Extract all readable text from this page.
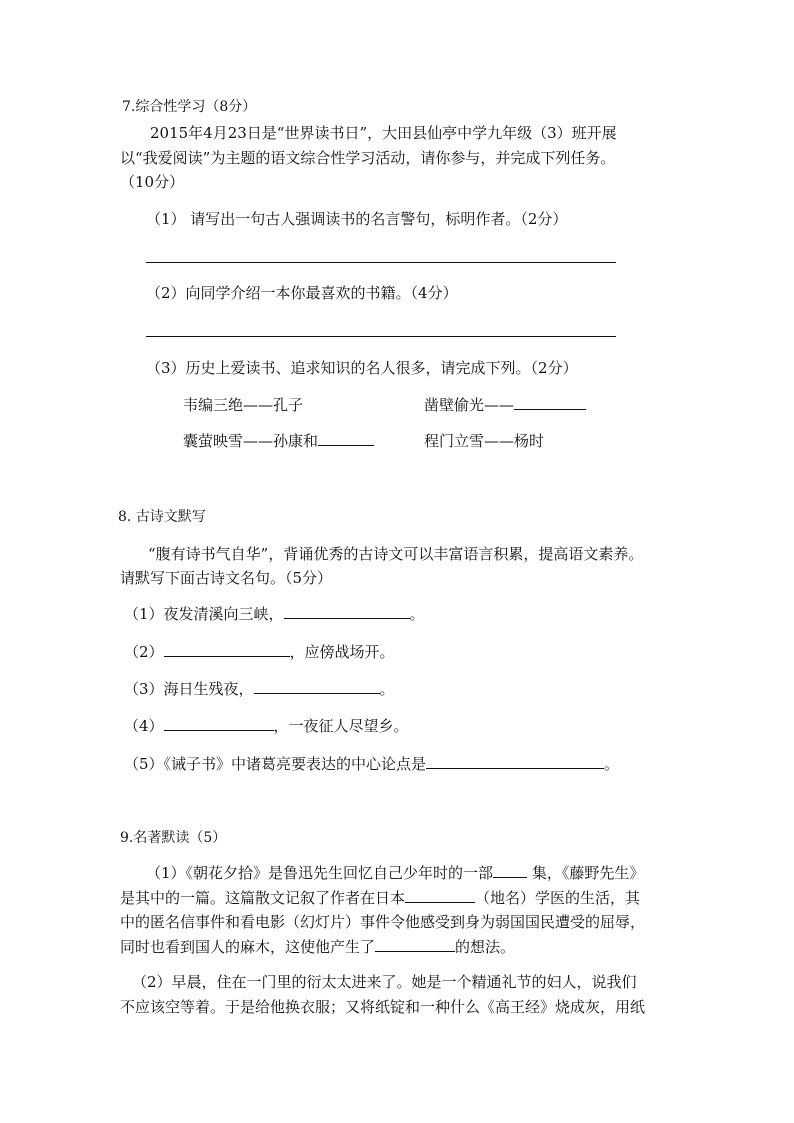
7.综合性学习（8分）
2015年4月23日是“世界读书日”，大田县仙亭中学九年级（3）班开展
以“我爱阅读”为主题的语文综合性学习活动，请你参与，并完成下列任务。
（10分）
（1） 请写出一句古人强调读书的名言警句，标明作者。（2分）
（2）向同学介绍一本你最喜欢的书籍。（4分）
（3）历史上爱读书、追求知识的名人很多，请完成下列。（2分）
韦编三绝——孔子	凿壁偷光——
囊萤映雪——孙康和	程门立雪——杨时
8. 古诗文默写
“腹有诗书气自华”，背诵优秀的古诗文可以丰富语言积累，提高语文素养。
请默写下面古诗文名句。（5分）
（1）夜发清溪向三峡，	。
（2）	，应傍战场开。
（3）海日生残夜，	。
（4）	，一夜征人尽望乡。
（5）《诫子书》中诸葛亮要表达的中心论点是	。
9.名著默读（5）
（1）《朝花夕拾》是鲁迅先生回忆自己少年时的一部 集，《藤野先生》
是其中的一篇。这篇散文记叙了作者在日本	（地名）学医的生活，其
中的匿名信事件和看电影（幻灯片）事件令他感受到身为弱国国民遭受的屈辱，
同时也看到国人的麻木，这使他产生了	的想法。
（2）早晨，住在一门里的衍太太进来了。她是一个精通礼节的妇人，说我们
不应该空等着。于是给他换衣服；又将纸锭和一种什么《高王经》烧成灰，用纸
